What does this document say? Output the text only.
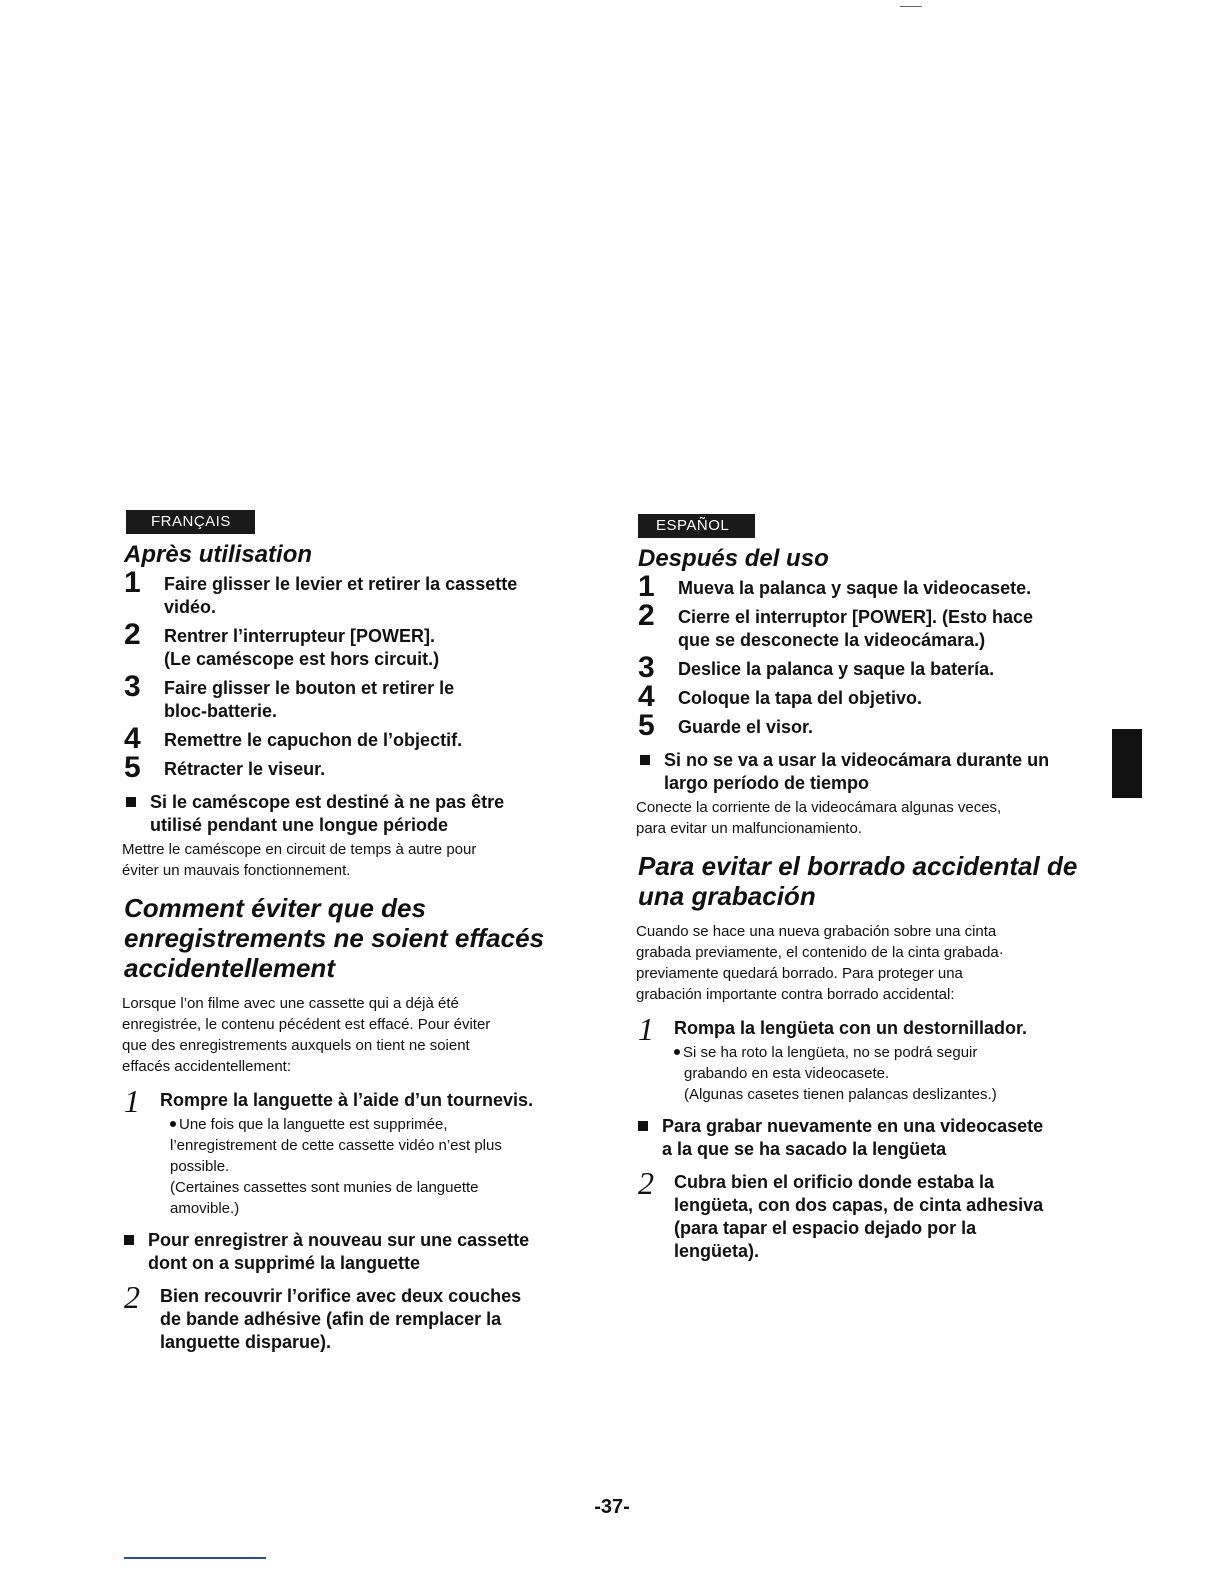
FRANÇAIS
Après utilisation
1 Faire glisser le levier et retirer la cassette
vidéo.
2 Rentrer l’interrupteur [POWER].
(Le caméscope est hors circuit.)
3 Faire glisser le bouton et retirer le
bloc-batterie.
4 Remettre le capuchon de l’objectif.
5 Rétracter le viseur.
Si le caméscope est destiné à ne pas être
utilisé pendant une longue période
Mettre le caméscope en circuit de temps à autre pour
éviter un mauvais fonctionnement.
Comment éviter que des
enregistrements ne soient effacés
accidentellement
Lorsque l’on filme avec une cassette qui a déjà été
enregistrée, le contenu pécédent est effacé. Pour éviter
que des enregistrements auxquels on tient ne soient
effacés accidentellement:
1 Rompre la languette à l’aide d’un tournevis.
Une fois que la languette est supprimée,
l’enregistrement de cette cassette vidéo n’est plus
possible.
(Certaines cassettes sont munies de languette
amovible.)
Pour enregistrer à nouveau sur une cassette
dont on a supprimé la languette
2 Bien recouvrir l’orifice avec deux couches
de bande adhésive (afin de remplacer la
languette disparue).
ESPAÑOL
Después del uso
1 Mueva la palanca y saque la videocasete.
2 Cierre el interruptor [POWER]. (Esto hace
que se desconecte la videocámara.)
3 Deslice la palanca y saque la batería.
4 Coloque la tapa del objetivo.
5 Guarde el visor.
Si no se va a usar la videocámara durante un
largo período de tiempo
Conecte la corriente de la videocámara algunas veces,
para evitar un malfuncionamiento.
Para evitar el borrado accidental de
una grabación
Cuando se hace una nueva grabación sobre una cinta
grabada previamente, el contenido de la cinta grabada·
previamente quedará borrado. Para proteger una
grabación importante contra borrado accidental:
1 Rompa la lengüeta con un destornillador.
Si se ha roto la lengüeta, no se podrá seguir
grabando en esta videocasete.
(Algunas casetes tienen palancas deslizantes.)
Para grabar nuevamente en una videocasete
a la que se ha sacado la lengüeta
2 Cubra bien el orificio donde estaba la
lengüeta, con dos capas, de cinta adhesiva
(para tapar el espacio dejado por la
lengüeta).
-37-
